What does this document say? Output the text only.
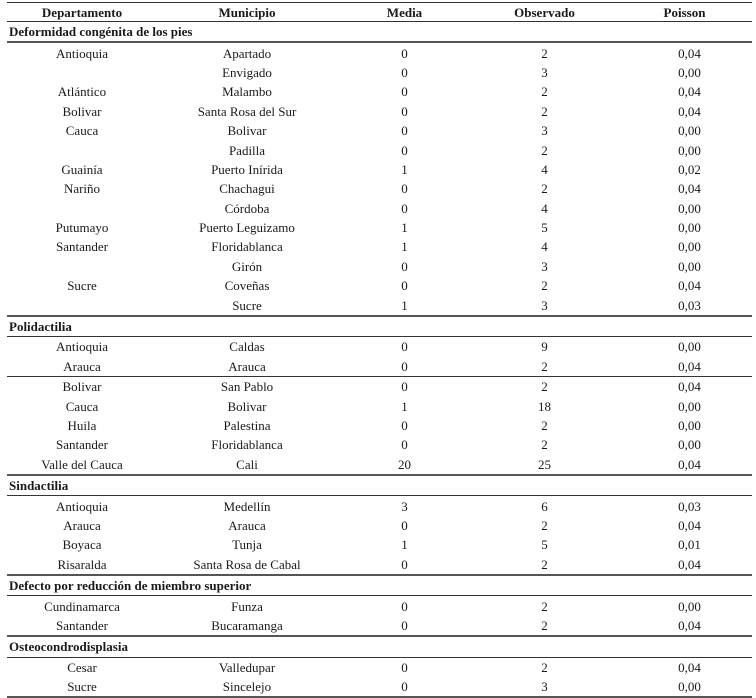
Departamento	Municipio	Media	Observado	Poisson
Deformidad congénita de los pies				
Antioquia	Apartado	0	2	0,04
	Envigado	0	3	0,00
Atlántico	Malambo	0	2	0,04
Bolivar	Santa Rosa del Sur	0	2	0,04
Cauca	Bolivar	0	3	0,00
	Padilla	0	2	0,00
Guainía	Puerto Inírida	1	4	0,02
Nariño	Chachagui	0	2	0,04
	Córdoba	0	4	0,00
Putumayo	Puerto Leguizamo	1	5	0,00
Santander	Floridablanca	1	4	0,00
	Girón	0	3	0,00
Sucre	Coveñas	0	2	0,04
	Sucre	1	3	0,03
Polidactilia				
Antioquia	Caldas	0	9	0,00
Arauca	Arauca	0	2	0,04
Bolivar	San Pablo	0	2	0,04
Cauca	Bolivar	1	18	0,00
Huila	Palestina	0	2	0,00
Santander	Floridablanca	0	2	0,00
Valle del Cauca	Cali	20	25	0,04
Sindactilia				
Antioquia	Medellín	3	6	0,03
Arauca	Arauca	0	2	0,04
Boyaca	Tunja	1	5	0,01
Risaralda	Santa Rosa de Cabal	0	2	0,04
Defecto por reducción de miembro superior				
Cundinamarca	Funza	0	2	0,00
Santander	Bucaramanga	0	2	0,04
Osteocondrodisplasia				
Cesar	Valledupar	0	2	0,04
Sucre	Sincelejo	0	3	0,00
